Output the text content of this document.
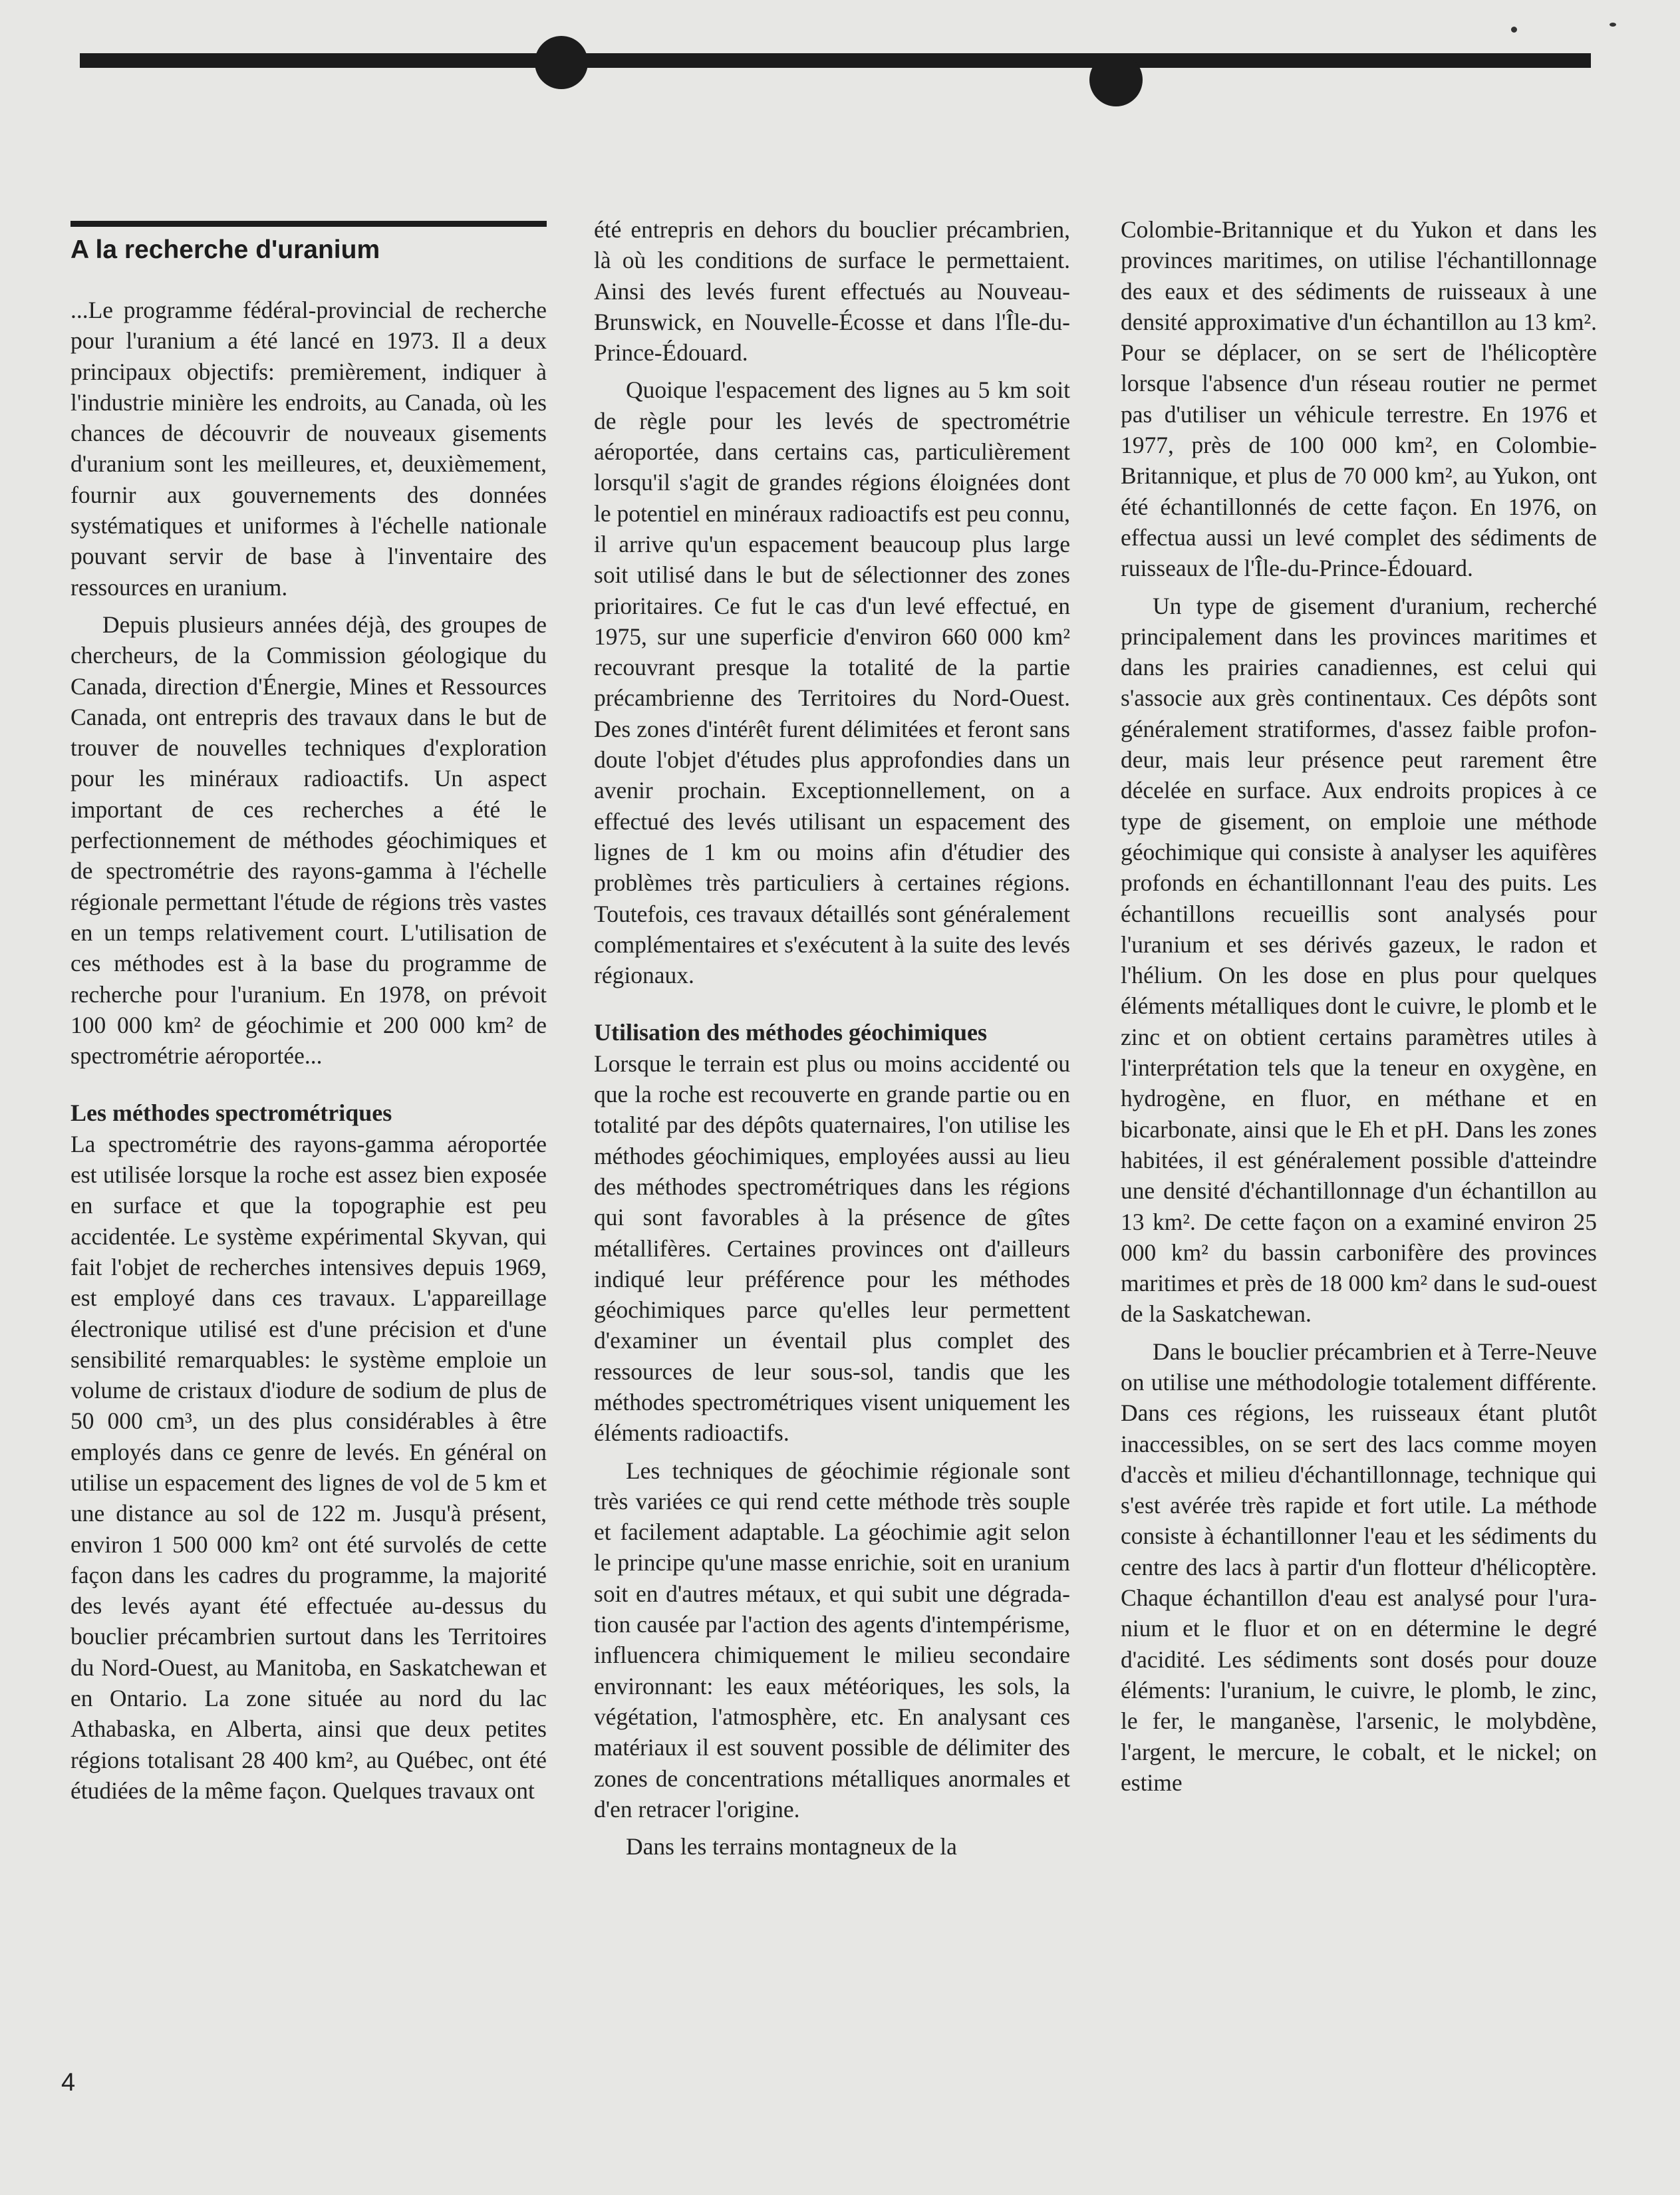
A la recherche d'uranium

...Le programme fédéral-provincial de recherche pour l'uranium a été lancé en 1973. Il a deux principaux objectifs: premièrement, indiquer à l'industrie minière les endroits, au Canada, où les chances de découvrir de nouveaux gisements d'uranium sont les meilleures, et, deuxièmement, fournir aux gouvernements des données systématiques et uniformes à l'échelle nationale pouvant servir de base à l'inventaire des ressources en uranium.

Depuis plusieurs années déjà, des groupes de chercheurs, de la Commission géologique du Canada, direction d'Énergie, Mines et Ressources Canada, ont entrepris des travaux dans le but de trouver de nouvelles techniques d'exploration pour les minéraux radioactifs. Un aspect important de ces recherches a été le perfectionnement de méthodes géochimiques et de spectrométrie des rayons-gamma à l'échelle régionale permettant l'étude de régions très vastes en un temps relativement court. L'utilisation de ces méthodes est à la base du programme de recherche pour l'uranium. En 1978, on prévoit 100 000 km² de géochimie et 200 000 km² de spectrométrie aéroportée...

Les méthodes spectrométriques

La spectrométrie des rayons-gamma aéroportée est utilisée lorsque la roche est assez bien exposée en surface et que la topographie est peu accidentée. Le système expérimental Skyvan, qui fait l'objet de recherches intensives depuis 1969, est employé dans ces travaux. L'appareillage électronique utilisé est d'une précision et d'une sensibilité remarquables: le système emploie un volume de cristaux d'iodure de sodium de plus de 50 000 cm³, un des plus considérables à être employés dans ce genre de levés. En général on utilise un espacement des lignes de vol de 5 km et une distance au sol de 122 m. Jusqu'à présent, environ 1 500 000 km² ont été survolés de cette façon dans les cadres du programme, la majorité des levés ayant été effectuée au-dessus du bouclier précambrien surtout dans les Territoires du Nord-Ouest, au Manitoba, en Saskatchewan et en Ontario. La zone située au nord du lac Athabaska, en Alberta, ainsi que deux petites régions totalisant 28 400 km², au Québec, ont été étudiées de la même façon. Quelques travaux ont

été entrepris en dehors du bouclier précambrien, là où les conditions de surface le permettaient. Ainsi des levés furent effectués au Nouveau-Brunswick, en Nouvelle-Écosse et dans l'Île-du-Prince-Édouard.

Quoique l'espacement des lignes au 5 km soit de règle pour les levés de spectrométrie aéroportée, dans certains cas, particulièrement lorsqu'il s'agit de grandes régions éloignées dont le potentiel en minéraux radioactifs est peu connu, il arrive qu'un espacement beaucoup plus large soit utilisé dans le but de sélectionner des zones prioritaires. Ce fut le cas d'un levé effectué, en 1975, sur une superficie d'environ 660 000 km² recouvrant presque la totalité de la partie précambrienne des Territoires du Nord-Ouest. Des zones d'intérêt furent délimitées et feront sans doute l'objet d'études plus approfondies dans un avenir prochain. Exceptionnellement, on a effectué des levés utilisant un espacement des lignes de 1 km ou moins afin d'étudier des problèmes très particuliers à certaines régions. Toutefois, ces travaux détaillés sont généralement complémentaires et s'exécutent à la suite des levés régionaux.

Utilisation des méthodes géochimiques

Lorsque le terrain est plus ou moins accidenté ou que la roche est recouverte en grande partie ou en totalité par des dépôts quaternaires, l'on utilise les méthodes géochimiques, employées aussi au lieu des méthodes spectrométriques dans les régions qui sont favorables à la présence de gîtes métallifères. Certaines provinces ont d'ailleurs indiqué leur préférence pour les méthodes géochimiques parce qu'elles leur permettent d'examiner un éventail plus complet des ressources de leur sous-sol, tandis que les méthodes spectrométriques visent uniquement les éléments radioactifs.

Les techniques de géochimie régionale sont très variées ce qui rend cette méthode très souple et facilement adaptable. La géochimie agit selon le principe qu'une masse enrichie, soit en uranium soit en d'autres métaux, et qui subit une dégradation causée par l'action des agents d'intempérisme, influencera chimiquement le milieu secondaire environnant: les eaux météoriques, les sols, la végétation, l'atmosphère, etc. En analysant ces matériaux il est souvent possible de délimiter des zones de concentrations métalliques anormales et d'en retracer l'origine.

Dans les terrains montagneux de la

Colombie-Britannique et du Yukon et dans les provinces maritimes, on utilise l'échantillonnage des eaux et des sédiments de ruisseaux à une densité approximative d'un échantillon au 13 km². Pour se déplacer, on se sert de l'hélicoptère lorsque l'absence d'un réseau routier ne permet pas d'utiliser un véhicule terrestre. En 1976 et 1977, près de 100 000 km², en Colombie-Britannique, et plus de 70 000 km², au Yukon, ont été échantillonnés de cette façon. En 1976, on effectua aussi un levé complet des sédiments de ruisseaux de l'Île-du-Prince-Édouard.

Un type de gisement d'uranium, recherché principalement dans les provinces maritimes et dans les prairies canadiennes, est celui qui s'associe aux grès continentaux. Ces dépôts sont généralement stratiformes, d'assez faible profondeur, mais leur présence peut rarement être décelée en surface. Aux endroits propices à ce type de gisement, on emploie une méthode géochimique qui consiste à analyser les aquifères profonds en échantillonnant l'eau des puits. Les échantillons recueillis sont analysés pour l'uranium et ses dérivés gazeux, le radon et l'hélium. On les dose en plus pour quelques éléments métalliques dont le cuivre, le plomb et le zinc et on obtient certains paramètres utiles à l'interprétation tels que la teneur en oxygène, en hydrogène, en fluor, en méthane et en bicarbonate, ainsi que le Eh et pH. Dans les zones habitées, il est généralement possible d'atteindre une densité d'échantillonnage d'un échantillon au 13 km². De cette façon on a examiné environ 25 000 km² du bassin carbonifère des provinces maritimes et près de 18 000 km² dans le sud-ouest de la Saskatchewan.

Dans le bouclier précambrien et à Terre-Neuve on utilise une méthodologie totalement différente. Dans ces régions, les ruisseaux étant plutôt inaccessibles, on se sert des lacs comme moyen d'accès et milieu d'échantillonnage, technique qui s'est avérée très rapide et fort utile. La méthode consiste à échantillonner l'eau et les sédiments du centre des lacs à partir d'un flotteur d'hélicoptère. Chaque échantillon d'eau est analysé pour l'uranium et le fluor et on en détermine le degré d'acidité. Les sédiments sont dosés pour douze éléments: l'uranium, le cuivre, le plomb, le zinc, le fer, le manganèse, l'arsenic, le molybdène, l'argent, le mercure, le cobalt, et le nickel; on estime

4
